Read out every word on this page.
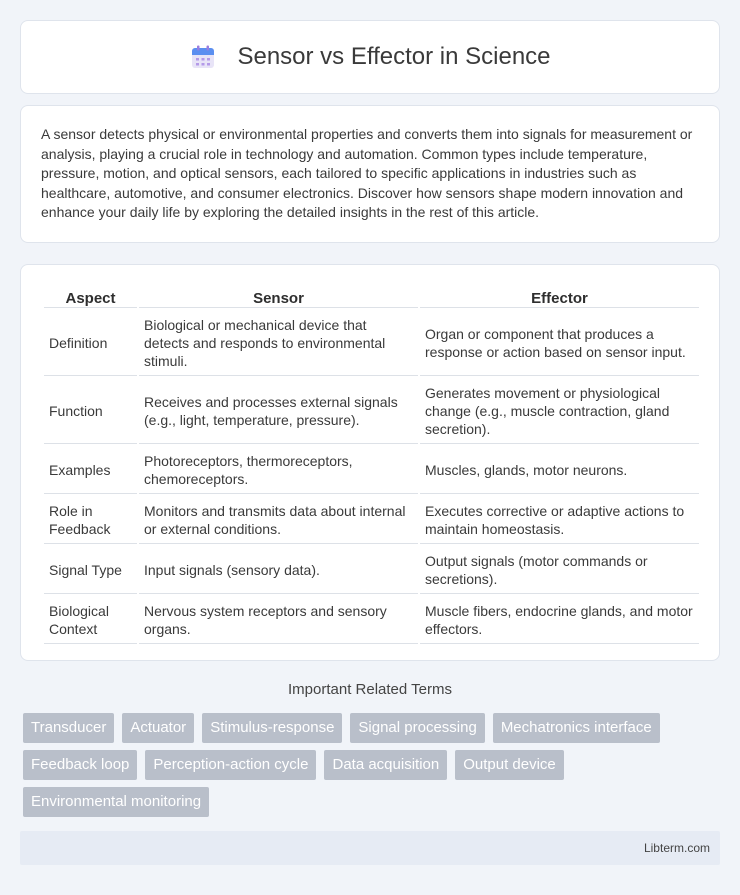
Sensor vs Effector in Science

A sensor detects physical or environmental properties and converts them into signals for measurement or analysis, playing a crucial role in technology and automation. Common types include temperature, pressure, motion, and optical sensors, each tailored to specific applications in industries such as healthcare, automotive, and consumer electronics. Discover how sensors shape modern innovation and enhance your daily life by exploring the detailed insights in the rest of this article.

Aspect	Sensor	Effector
Definition	Biological or mechanical device that detects and responds to environmental stimuli.	Organ or component that produces a response or action based on sensor input.
Function	Receives and processes external signals (e.g., light, temperature, pressure).	Generates movement or physiological change (e.g., muscle contraction, gland secretion).
Examples	Photoreceptors, thermoreceptors, chemoreceptors.	Muscles, glands, motor neurons.
Role in Feedback	Monitors and transmits data about internal or external conditions.	Executes corrective or adaptive actions to maintain homeostasis.
Signal Type	Input signals (sensory data).	Output signals (motor commands or secretions).
Biological Context	Nervous system receptors and sensory organs.	Muscle fibers, endocrine glands, and motor effectors.
Important Related Terms
Transducer	Actuator	Stimulus-response	Signal processing	Mechatronics interface
Feedback loop	Perception-action cycle	Data acquisition	Output device
Environmental monitoring
Libterm.com
